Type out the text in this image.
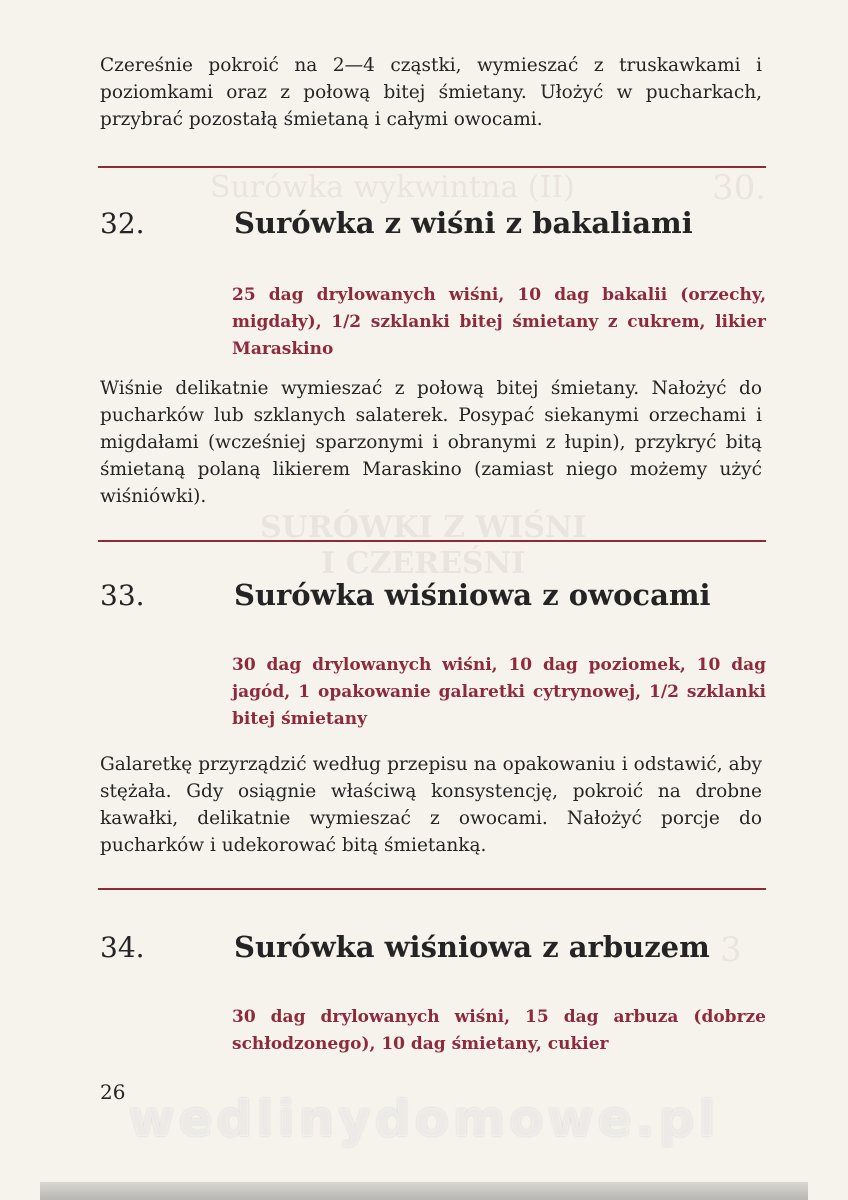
Surówka wykwintna (II)	30.
SURÓWKI Z WIŚNI
I CZEREŚNI
3

Czereśnie pokroić na 2—4 cząstki, wymieszać z truskawkami i poziomkami oraz z połową bitej śmietany. Ułożyć w pucharkach, przybrać pozostałą śmietaną i całymi owocami.

32.	Surówka z wiśni z bakaliami

25 dag drylowanych wiśni, 10 dag bakalii (orzechy, migdały), 1/2 szklanki bitej śmietany z cukrem, likier Maraskino

Wiśnie delikatnie wymieszać z połową bitej śmietany. Nałożyć do pucharków lub szklanych salaterek. Posypać siekanymi orzechami i migdałami (wcześniej sparzonymi i obranymi z łupin), przykryć bitą śmietaną polaną likierem Maraskino (zamiast niego możemy użyć wiśniówki).

33.	Surówka wiśniowa z owocami

30 dag drylowanych wiśni, 10 dag poziomek, 10 dag jagód, 1 opakowanie galaretki cytrynowej, 1/2 szklanki bitej śmietany

Galaretkę przyrządzić według przepisu na opakowaniu i odstawić, aby stężała. Gdy osiągnie właściwą konsystencję, pokroić na drobne kawałki, delikatnie wymieszać z owocami. Nałożyć porcje do pucharków i udekorować bitą śmietanką.

34.	Surówka wiśniowa z arbuzem

30 dag drylowanych wiśni, 15 dag arbuza (dobrze schłodzonego), 10 dag śmietany, cukier

26 wedlinydomowe.pl
